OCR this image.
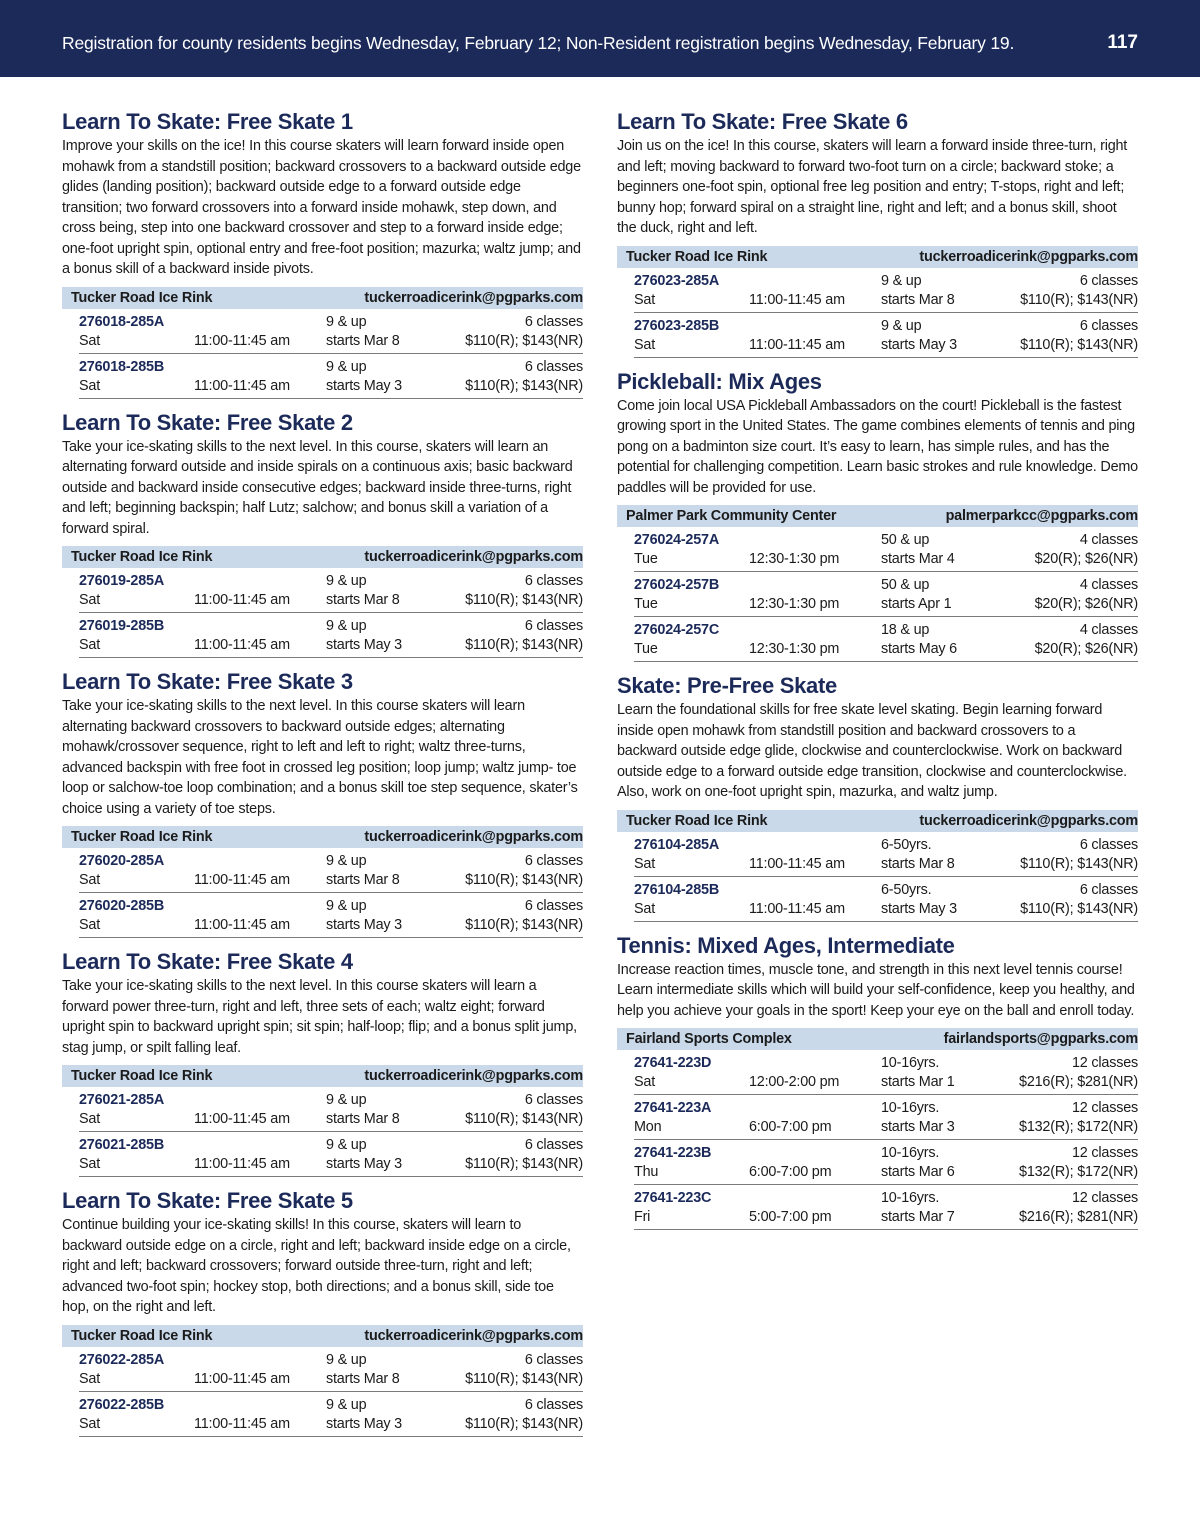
Registration for county residents begins Wednesday, February 12; Non-Resident registration begins Wednesday, February 19.	117
Learn To Skate: Free Skate 1

Improve your skills on the ice! In this course skaters will learn forward inside open mohawk from a standstill position; backward crossovers to a backward outside edge glides (landing position); backward outside edge to a forward outside edge transition; two forward crossovers into a forward inside mohawk, step down, and cross being, step into one backward crossover and step to a forward inside edge; one-foot upright spin, optional entry and free-foot position; mazurka; waltz jump; and a bonus skill of a backward inside pivots.

Tucker Road Ice Rink	tuckerroadicerink@pgparks.com
276018-285A	9 & up	6 classes
Sat	11:00-11:45 am	starts Mar 8	$110(R); $143(NR)
276018-285B	9 & up	6 classes
Sat	11:00-11:45 am	starts May 3	$110(R); $143(NR)
Learn To Skate: Free Skate 2

Take your ice-skating skills to the next level. In this course, skaters will learn an alternating forward outside and inside spirals on a continuous axis; basic backward outside and backward inside consecutive edges; backward inside three-turns, right and left; beginning backspin; half Lutz; salchow; and bonus skill a variation of a forward spiral.

Tucker Road Ice Rink	tuckerroadicerink@pgparks.com
276019-285A	9 & up	6 classes
Sat	11:00-11:45 am	starts Mar 8	$110(R); $143(NR)
276019-285B	9 & up	6 classes
Sat	11:00-11:45 am	starts May 3	$110(R); $143(NR)
Learn To Skate: Free Skate 3

Take your ice-skating skills to the next level. In this course skaters will learn alternating backward crossovers to backward outside edges; alternating mohawk/crossover sequence, right to left and left to right; waltz three-turns, advanced backspin with free foot in crossed leg position; loop jump; waltz jump- toe loop or salchow-toe loop combination; and a bonus skill toe step sequence, skater’s choice using a variety of toe steps.

Tucker Road Ice Rink	tuckerroadicerink@pgparks.com
276020-285A	9 & up	6 classes
Sat	11:00-11:45 am	starts Mar 8	$110(R); $143(NR)
276020-285B	9 & up	6 classes
Sat	11:00-11:45 am	starts May 3	$110(R); $143(NR)
Learn To Skate: Free Skate 4

Take your ice-skating skills to the next level. In this course skaters will learn a forward power three-turn, right and left, three sets of each; waltz eight; forward upright spin to backward upright spin; sit spin; half-loop; flip; and a bonus split jump, stag jump, or spilt falling leaf.

Tucker Road Ice Rink	tuckerroadicerink@pgparks.com
276021-285A	9 & up	6 classes
Sat	11:00-11:45 am	starts Mar 8	$110(R); $143(NR)
276021-285B	9 & up	6 classes
Sat	11:00-11:45 am	starts May 3	$110(R); $143(NR)
Learn To Skate: Free Skate 5

Continue building your ice-skating skills! In this course, skaters will learn to backward outside edge on a circle, right and left; backward inside edge on a circle, right and left; backward crossovers; forward outside three-turn, right and left; advanced two-foot spin; hockey stop, both directions; and a bonus skill, side toe hop, on the right and left.

Tucker Road Ice Rink	tuckerroadicerink@pgparks.com
276022-285A	9 & up	6 classes
Sat	11:00-11:45 am	starts Mar 8	$110(R); $143(NR)
276022-285B	9 & up	6 classes
Sat	11:00-11:45 am	starts May 3	$110(R); $143(NR)
Learn To Skate: Free Skate 6

Join us on the ice! In this course, skaters will learn a forward inside three-turn, right and left; moving backward to forward two-foot turn on a circle; backward stoke; a beginners one-foot spin, optional free leg position and entry; T-stops, right and left; bunny hop; forward spiral on a straight line, right and left; and a bonus skill, shoot the duck, right and left.

Tucker Road Ice Rink	tuckerroadicerink@pgparks.com
276023-285A	9 & up	6 classes
Sat	11:00-11:45 am	starts Mar 8	$110(R); $143(NR)
276023-285B	9 & up	6 classes
Sat	11:00-11:45 am	starts May 3	$110(R); $143(NR)
Pickleball: Mix Ages

Come join local USA Pickleball Ambassadors on the court! Pickleball is the fastest growing sport in the United States. The game combines elements of tennis and ping pong on a badminton size court. It’s easy to learn, has simple rules, and has the potential for challenging competition. Learn basic strokes and rule knowledge. Demo paddles will be provided for use.

Palmer Park Community Center	palmerparkcc@pgparks.com
276024-257A	50 & up	4 classes
Tue	12:30-1:30 pm	starts Mar 4	$20(R); $26(NR)
276024-257B	50 & up	4 classes
Tue	12:30-1:30 pm	starts Apr 1	$20(R); $26(NR)
276024-257C	18 & up	4 classes
Tue	12:30-1:30 pm	starts May 6	$20(R); $26(NR)
Skate: Pre-Free Skate

Learn the foundational skills for free skate level skating. Begin learning forward inside open mohawk from standstill position and backward crossovers to a backward outside edge glide, clockwise and counterclockwise. Work on backward outside edge to a forward outside edge transition, clockwise and counterclockwise. Also, work on one-foot upright spin, mazurka, and waltz jump.

Tucker Road Ice Rink	tuckerroadicerink@pgparks.com
276104-285A	6-50yrs.	6 classes
Sat	11:00-11:45 am	starts Mar 8	$110(R); $143(NR)
276104-285B	6-50yrs.	6 classes
Sat	11:00-11:45 am	starts May 3	$110(R); $143(NR)
Tennis: Mixed Ages, Intermediate

Increase reaction times, muscle tone, and strength in this next level tennis course! Learn intermediate skills which will build your self-confidence, keep you healthy, and help you achieve your goals in the sport! Keep your eye on the ball and enroll today.

Fairland Sports Complex	fairlandsports@pgparks.com
27641-223D	10-16yrs.	12 classes
Sat	12:00-2:00 pm	starts Mar 1	$216(R); $281(NR)
27641-223A	10-16yrs.	12 classes
Mon	6:00-7:00 pm	starts Mar 3	$132(R); $172(NR)
27641-223B	10-16yrs.	12 classes
Thu	6:00-7:00 pm	starts Mar 6	$132(R); $172(NR)
27641-223C	10-16yrs.	12 classes
Fri	5:00-7:00 pm	starts Mar 7	$216(R); $281(NR)
